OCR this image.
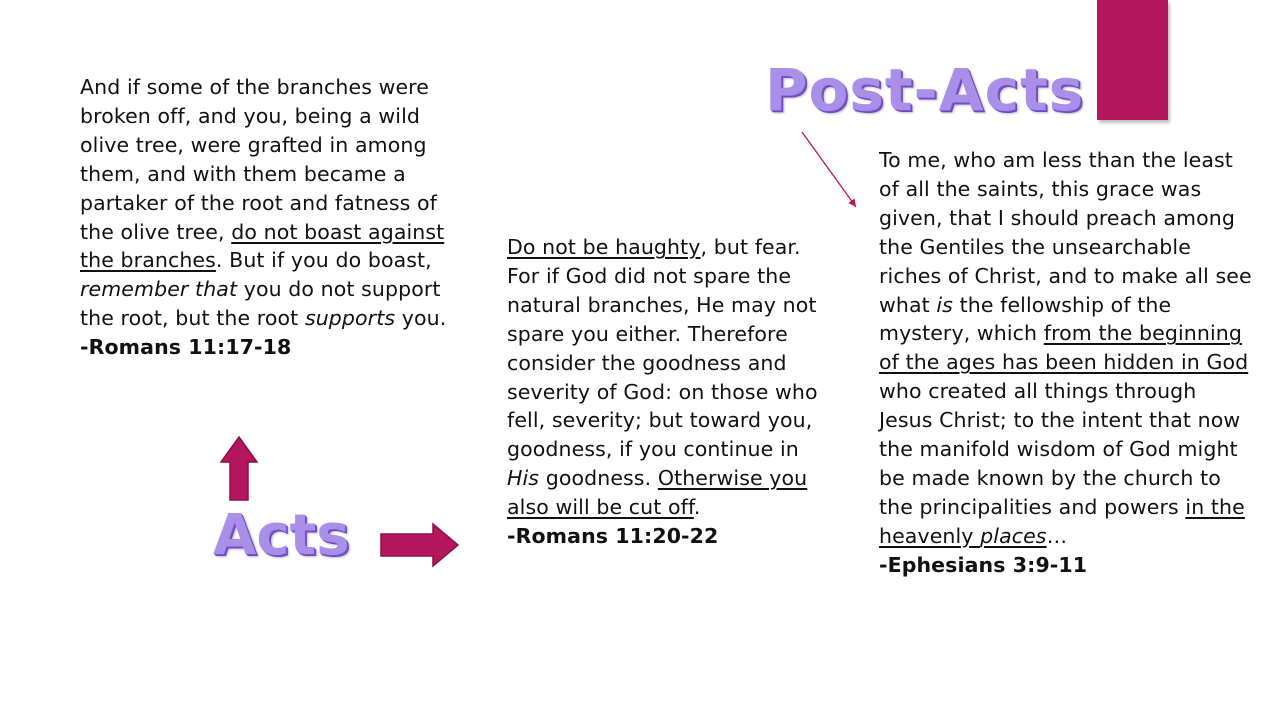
Post-Acts

And if some of the branches were broken off, and you, being a wild olive tree, were grafted in among them, and with them became a partaker of the root and fatness of the olive tree, do not boast against the branches. But if you do boast, remember that you do not support the root, but the root supports you.
-Romans 11:17-18

Do not be haughty, but fear. For if God did not spare the natural branches, He may not spare you either. Therefore consider the goodness and severity of God: on those who fell, severity; but toward you, goodness, if you continue in His goodness. Otherwise you also will be cut off.
-Romans 11:20-22

To me, who am less than the least of all the saints, this grace was given, that I should preach among the Gentiles the unsearchable riches of Christ, and to make all see what is the fellowship of the mystery, which from the beginning of the ages has been hidden in God who created all things through Jesus Christ; to the intent that now the manifold wisdom of God might be made known by the church to the principalities and powers in the heavenly places…
-Ephesians 3:9-11

Acts
